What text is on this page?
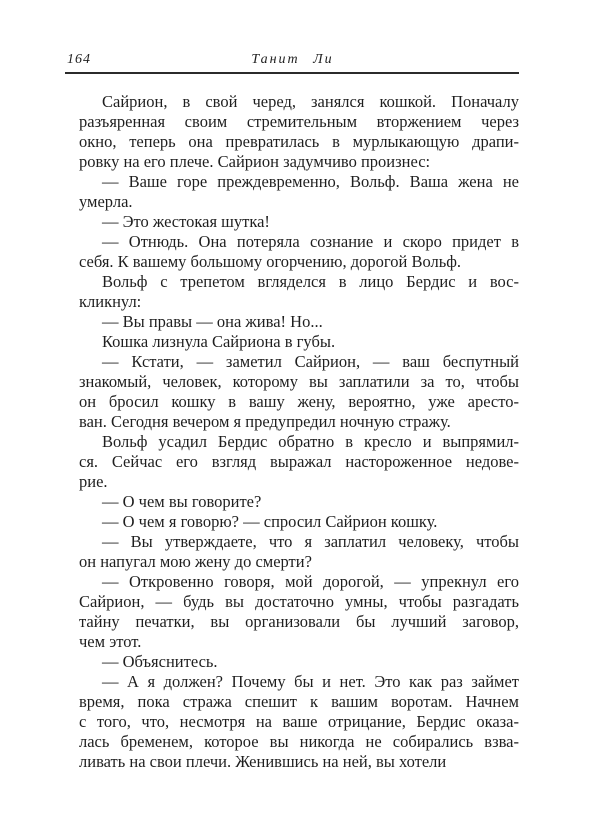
164	Танит Ли
Сайрион, в свой черед, занялся кошкой. Поначалу
разъяренная своим стремительным вторжением через
окно, теперь она превратилась в мурлыкающую драпи-
ровку на его плече. Сайрион задумчиво произнес:
— Ваше горе преждевременно, Вольф. Ваша жена не
умерла.
— Это жестокая шутка!
— Отнюдь. Она потеряла сознание и скоро придет в
себя. К вашему большому огорчению, дорогой Вольф.
Вольф с трепетом вгляделся в лицо Бердис и вос-
кликнул:
— Вы правы — она жива! Но...
Кошка лизнула Сайриона в губы.
— Кстати, — заметил Сайрион, — ваш беспутный
знакомый, человек, которому вы заплатили за то, чтобы
он бросил кошку в вашу жену, вероятно, уже аресто-
ван. Сегодня вечером я предупредил ночную стражу.
Вольф усадил Бердис обратно в кресло и выпрямил-
ся. Сейчас его взгляд выражал настороженное недове-
рие.
— О чем вы говорите?
— О чем я говорю? — спросил Сайрион кошку.
— Вы утверждаете, что я заплатил человеку, чтобы
он напугал мою жену до смерти?
— Откровенно говоря, мой дорогой, — упрекнул его
Сайрион, — будь вы достаточно умны, чтобы разгадать
тайну печатки, вы организовали бы лучший заговор,
чем этот.
— Объяснитесь.
— А я должен? Почему бы и нет. Это как раз займет
время, пока стража спешит к вашим воротам. Начнем
с того, что, несмотря на ваше отрицание, Бердис оказа-
лась бременем, которое вы никогда не собирались взва-
ливать на свои плечи. Женившись на ней, вы хотели
